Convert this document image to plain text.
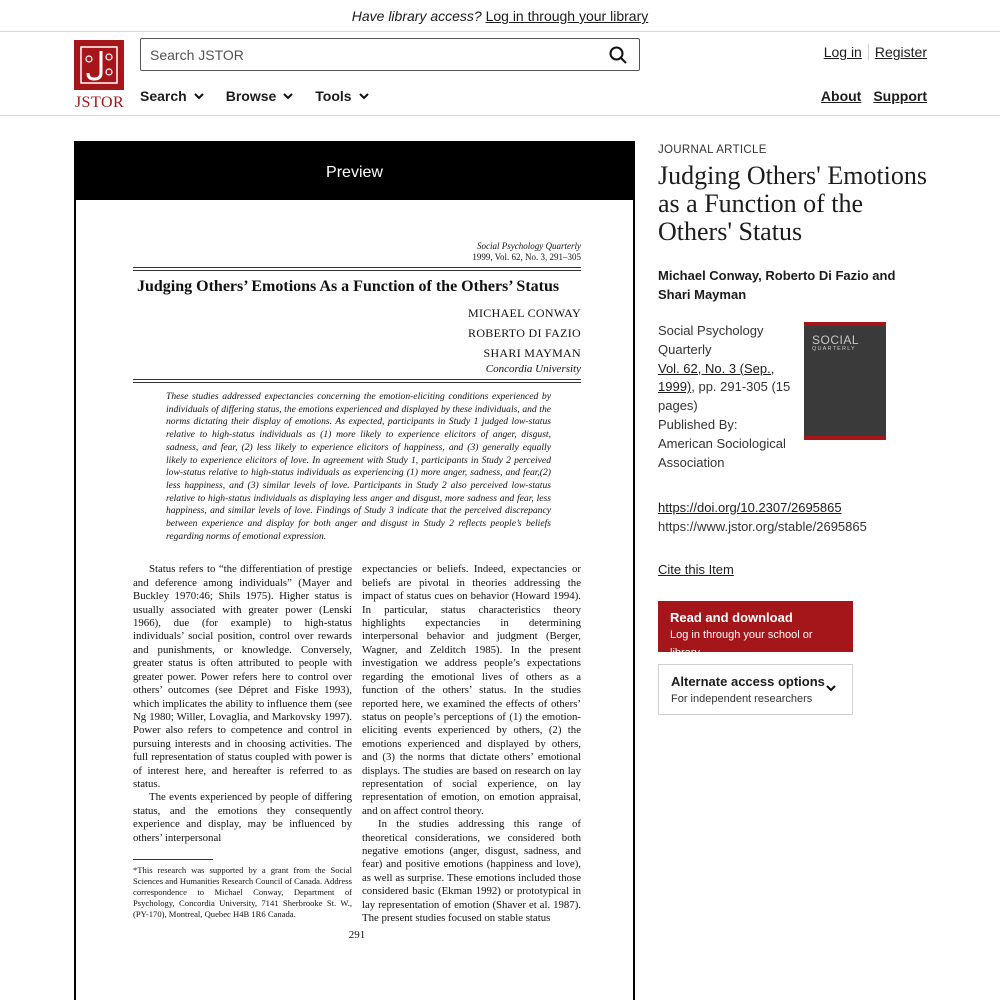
Have library access? Log in through your library
JSTOR
Search JSTOR
Log in Register
Search	Browse	Tools	About Support
Preview
Social Psychology Quarterly
1999, Vol. 62, No. 3, 291–305
Judging Others’ Emotions As a Function of the Others’ Status
MICHAEL CONWAY
ROBERTO DI FAZIO
SHARI MAYMAN
Concordia University
These studies addressed expectancies concerning the emotion-eliciting conditions experienced by individuals of differing status, the emotions experienced and displayed by these individuals, and the norms dictating their display of emotions. As expected, participants in Study 1 judged low-status relative to high-status individuals as (1) more likely to experience elicitors of anger, disgust, sadness, and fear, (2) less likely to experience elicitors of happiness, and (3) generally equally likely to experience elicitors of love. In agreement with Study 1, participants in Study 2 perceived low-status relative to high-status individuals as experiencing (1) more anger, sadness, and fear,(2) less happiness, and (3) similar levels of love. Participants in Study 2 also perceived low-status relative to high-status individuals as displaying less anger and disgust, more sadness and fear, less happiness, and similar levels of love. Findings of Study 3 indicate that the perceived discrepancy between experience and display for both anger and disgust in Study 2 reflects people’s beliefs regarding norms of emotional expression.

Status refers to “the differentiation of prestige and deference among individuals” (Mayer and Buckley 1970:46; Shils 1975). Higher status is usually associated with greater power (Lenski 1966), due (for example) to high-status individuals’ social position, control over rewards and punishments, or knowledge. Conversely, greater status is often attributed to people with greater power. Power refers here to control over others’ outcomes (see Dépret and Fiske 1993), which implicates the ability to influence them (see Ng 1980; Willer, Lovaglia, and Markovsky 1997). Power also refers to competence and control in pursuing interests and in choosing activities. The full representation of status coupled with power is of interest here, and hereafter is referred to as status.

The events experienced by people of differing status, and the emotions they consequently experience and display, may be influenced by others’ interpersonal

*This research was supported by a grant from the Social Sciences and Humanities Research Council of Canada. Address correspondence to Michael Conway, Department of Psychology, Concordia University, 7141 Sherbrooke St. W., (PY-170), Montreal, Quebec H4B 1R6 Canada.

expectancies or beliefs. Indeed, expectancies or beliefs are pivotal in theories addressing the impact of status cues on behavior (Howard 1994). In particular, status characteristics theory highlights expectancies in determining interpersonal behavior and judgment (Berger, Wagner, and Zelditch 1985). In the present investigation we address people’s expectations regarding the emotional lives of others as a function of the others’ status. In the studies reported here, we examined the effects of others’ status on people’s perceptions of (1) the emotion-eliciting events experienced by others, (2) the emotions experienced and displayed by others, and (3) the norms that dictate others’ emotional displays. The studies are based on research on lay representation of social experience, on lay representation of emotion, on emotion appraisal, and on affect control theory.

In the studies addressing this range of theoretical considerations, we considered both negative emotions (anger, disgust, sadness, and fear) and positive emotions (happiness and love), as well as surprise. These emotions included those considered basic (Ekman 1992) or prototypical in lay representation of emotion (Shaver et al. 1987). The present studies focused on stable status

291
JOURNAL ARTICLE
Judging Others' Emotions as a Function of the Others' Status
Michael Conway, Roberto Di Fazio and Shari Mayman
Social Psychology Quarterly
Vol. 62, No. 3 (Sep., 1999), pp. 291-305 (15 pages)
Published By:
American Sociological Association
SOCIAL
QUARTERLY
https://doi.org/10.2307/2695865
https://www.jstor.org/stable/2695865
Cite this Item
Read and download
Log in through your school or library
Alternate access options
For independent researchers
